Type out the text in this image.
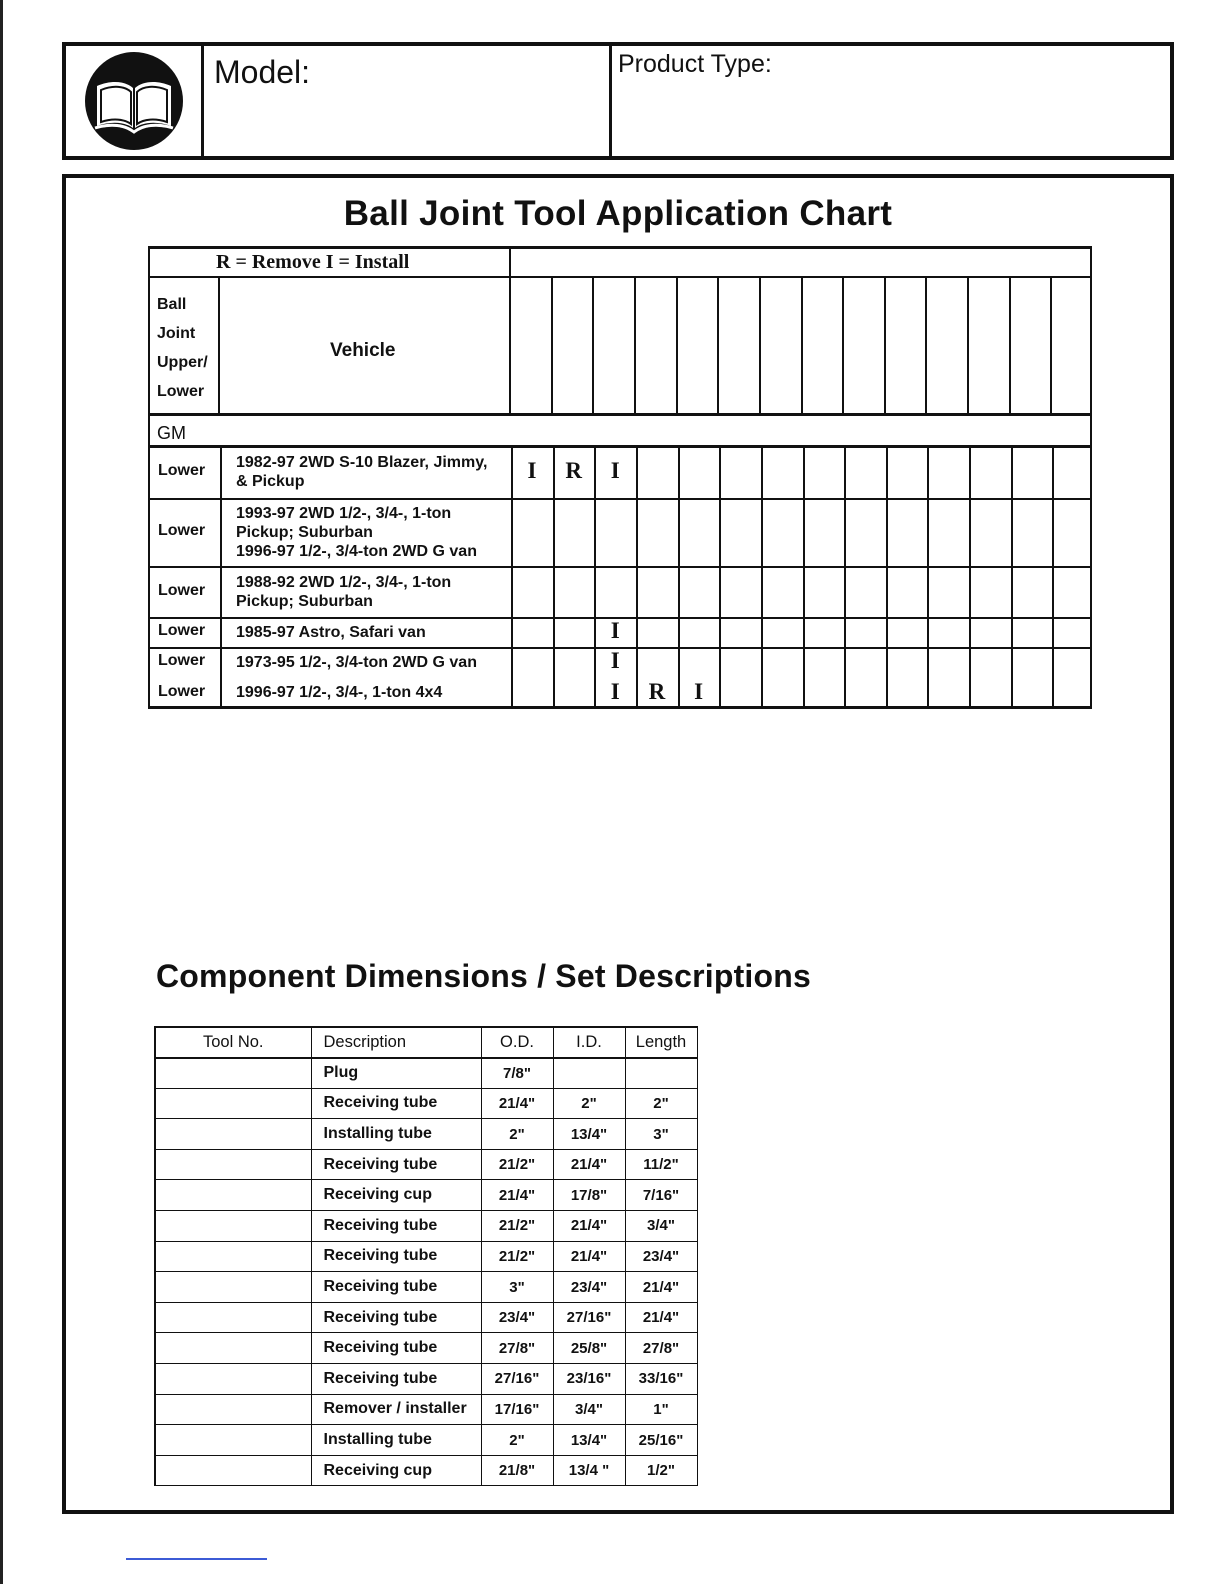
Model:	Product Type:
Ball Joint Tool Application Chart
R = Remove I = Install
Ball
Joint
Upper/
Lower
Vehicle
GM
Lower 1982-97 2WD S-10 Blazer, Jimmy,
& Pickup	I	R	I
Lower
1993-97 2WD 1/2-, 3/4-, 1-ton
Pickup; Suburban
1996-97 1/2-, 3/4-ton 2WD G van
Lower 1988-92 2WD 1/2-, 3/4-, 1-ton
Pickup; Suburban
Lower 1985-97 Astro, Safari van	I
Lower 1973-95 1/2-, 3/4-ton 2WD G van	I
Lower 1996-97 1/2-, 3/4-, 1-ton 4x4	I	R	I
Component Dimensions / Set Descriptions
Tool No.	Description	O.D.	I.D.	Length
	Plug	7/8"		
	Receiving tube	21/4"	2"	2"
	Installing tube	2"	13/4"	3"
	Receiving tube	21/2"	21/4"	11/2"
	Receiving cup	21/4"	17/8"	7/16"
	Receiving tube	21/2"	21/4"	3/4"
	Receiving tube	21/2"	21/4"	23/4"
	Receiving tube	3"	23/4"	21/4"
	Receiving tube	23/4"	27/16"	21/4"
	Receiving tube	27/8"	25/8"	27/8"
	Receiving tube	27/16"	23/16"	33/16"
	Remover / installer	17/16"	3/4"	1"
	Installing tube	2"	13/4"	25/16"
	Receiving cup	21/8"	13/4 "	1/2"
